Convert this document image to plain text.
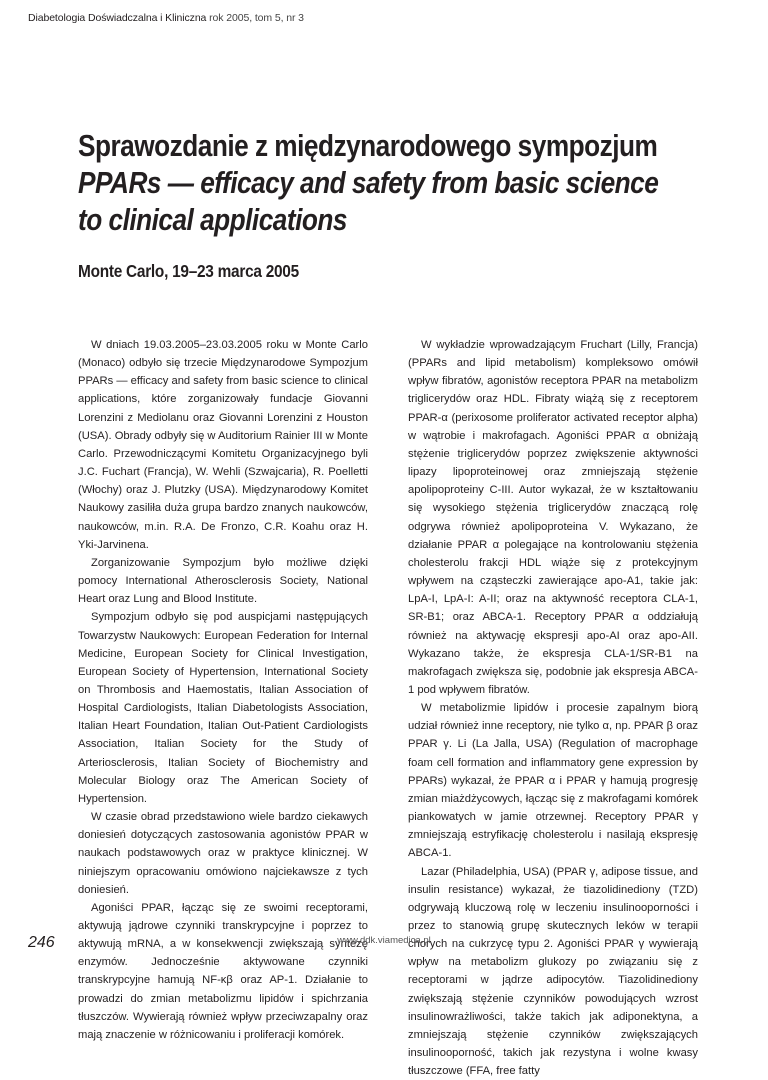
Diabetologia Doświadczalna i Kliniczna rok 2005, tom 5, nr 3
Sprawozdanie z międzynarodowego sympozjum
PPARs — efficacy and safety from basic science
to clinical applications
Monte Carlo, 19–23 marca 2005

W dniach 19.03.2005–23.03.2005 roku w Monte Carlo (Monaco) odbyło się trzecie Międzynarodowe Sympozjum PPARs — efficacy and safety from basic science to clinical applications, które zorganizowały fundacje Giovanni Lorenzini z Mediolanu oraz Giovanni Lorenzini z Houston (USA). Obrady odbyły się w Auditorium Rainier III w Monte Carlo. Przewodniczącymi Komitetu Organizacyjnego byli J.C. Fuchart (Francja), W. Wehli (Szwajcaria), R. Poelletti (Włochy) oraz J. Plutzky (USA). Międzynarodowy Komitet Naukowy zasiliła duża grupa bardzo znanych naukowców, naukowców, m.in. R.A. De Fronzo, C.R. Koahu oraz H. Yki-Jarvinena.

Zorganizowanie Sympozjum było możliwe dzięki pomocy International Atherosclerosis Society, National Heart oraz Lung and Blood Institute.

Sympozjum odbyło się pod auspicjami następujących Towarzystw Naukowych: European Federation for Internal Medicine, European Society for Clinical Investigation, European Society of Hypertension, International Society on Thrombosis and Haemostatis, Italian Association of Hospital Cardiologists, Italian Diabetologists Association, Italian Heart Foundation, Italian Out-Patient Cardiologists Association, Italian Society for the Study of Arteriosclerosis, Italian Society of Biochemistry and Molecular Biology oraz The American Society of Hypertension.

W czasie obrad przedstawiono wiele bardzo ciekawych doniesień dotyczących zastosowania agonistów PPAR w naukach podstawowych oraz w praktyce klinicznej. W niniejszym opracowaniu omówiono najciekawsze z tych doniesień.

Agoniści PPAR, łącząc się ze swoimi receptorami, aktywują jądrowe czynniki transkrypcyjne i poprzez to aktywują mRNA, a w konsekwencji zwiększają syntezę enzymów. Jednocześnie aktywowane czynniki transkrypcyjne hamują NF-κβ oraz AP-1. Działanie to prowadzi do zmian metabolizmu lipidów i spichrzania tłuszczów. Wywierają również wpływ przeciwzapalny oraz mają znaczenie w różnicowaniu i proliferacji komórek.

W wykładzie wprowadzającym Fruchart (Lilly, Francja) (PPARs and lipid metabolism) kompleksowo omówił wpływ fibratów, agonistów receptora PPAR na metabolizm triglicerydów oraz HDL. Fibraty wiążą się z receptorem PPAR-α (perixosome proliferator activated receptor alpha) w wątrobie i makrofagach. Agoniści PPAR α obniżają stężenie triglicerydów poprzez zwiększenie aktywności lipazy lipoproteinowej oraz zmniejszają stężenie apolipoproteiny C-III. Autor wykazał, że w kształtowaniu się wysokiego stężenia triglicerydów znaczącą rolę odgrywa również apolipoproteina V. Wykazano, że działanie PPAR α polegające na kontrolowaniu stężenia cholesterolu frakcji HDL wiąże się z protekcyjnym wpływem na cząsteczki zawierające apo-A1, takie jak: LpA-I, LpA-I: A-II; oraz na aktywność receptora CLA-1, SR-B1; oraz ABCA-1. Receptory PPAR α oddziałują również na aktywację ekspresji apo-AI oraz apo-AII. Wykazano także, że ekspresja CLA-1/SR-B1 na makrofagach zwiększa się, podobnie jak ekspresja ABCA-1 pod wpływem fibratów.

W metabolizmie lipidów i procesie zapalnym biorą udział również inne receptory, nie tylko α, np. PPAR β oraz PPAR γ. Li (La Jalla, USA) (Regulation of macrophage foam cell formation and inflammatory gene expression by PPARs) wykazał, że PPAR α i PPAR γ hamują progresję zmian miażdżycowych, łącząc się z makrofagami komórek piankowatych w jamie otrzewnej. Receptory PPAR γ zmniejszają estryfikację cholesterolu i nasilają ekspresję ABCA-1.

Lazar (Philadelphia, USA) (PPAR γ, adipose tissue, and insulin resistance) wykazał, że tiazolidinediony (TZD) odgrywają kluczową rolę w leczeniu insulinooporności i przez to stanowią grupę skutecznych leków w terapii chorych na cukrzycę typu 2. Agoniści PPAR γ wywierają wpływ na metabolizm glukozy po związaniu się z receptorami w jądrze adipocytów. Tiazolidinediony zwiększają stężenie czynników powodujących wzrost insulinowrażliwości, także takich jak adiponektyna, a zmniejszają stężenie czynników zwiększających insulinooporność, takich jak rezystyna i wolne kwasy tłuszczowe (FFA, free fatty

246	www.ddk.viamedica.pl
